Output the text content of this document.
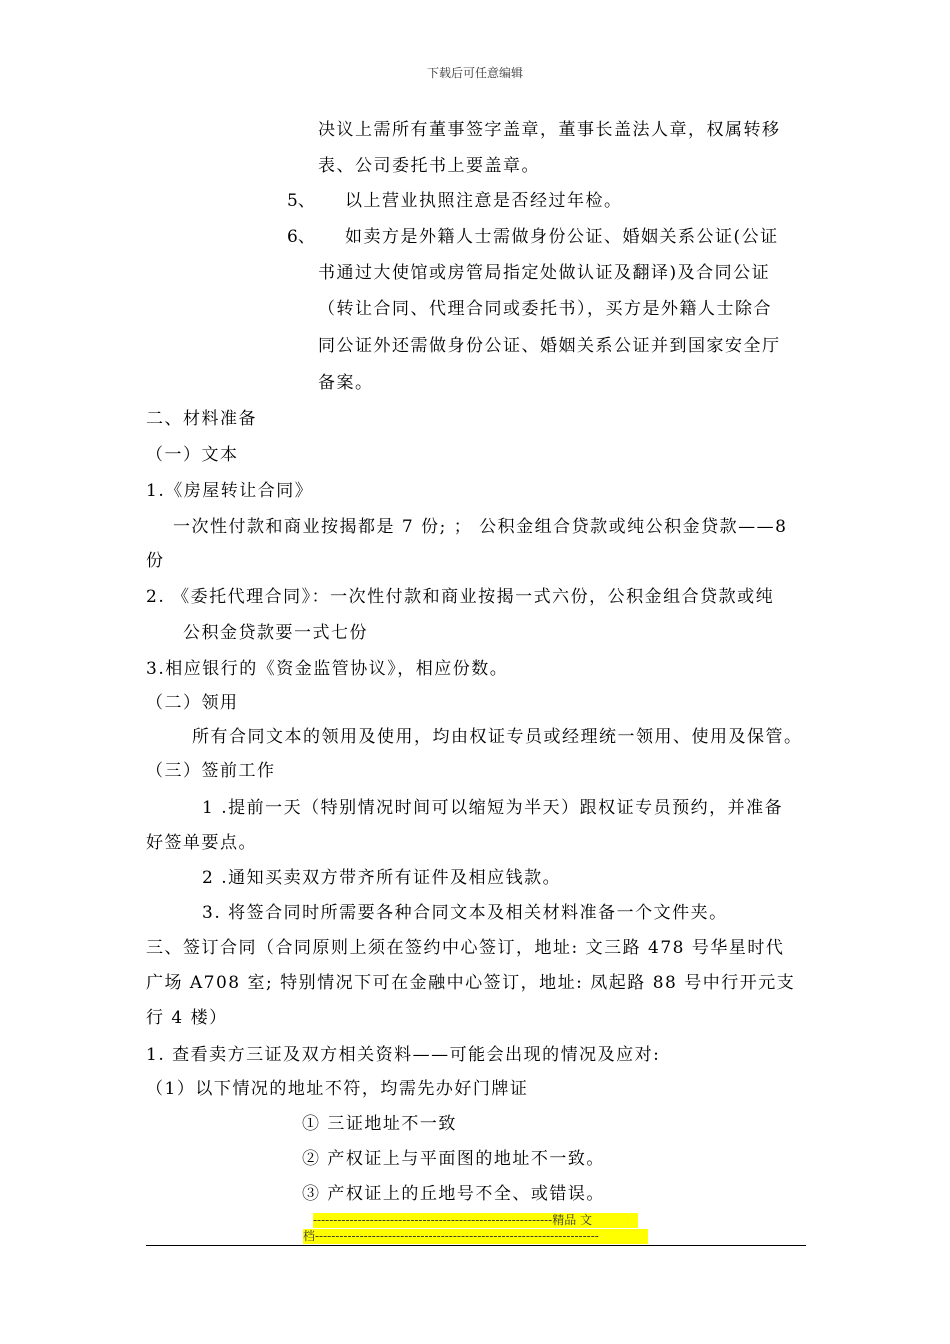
下载后可任意编辑
决议上需所有董事签字盖章，董事长盖法人章，权属转移
表、公司委托书上要盖章。
5、 以上营业执照注意是否经过年检。
6、 如卖方是外籍人士需做身份公证、婚姻关系公证(公证
书通过大使馆或房管局指定处做认证及翻译)及合同公证
（转让合同、代理合同或委托书），买方是外籍人士除合
同公证外还需做身份公证、婚姻关系公证并到国家安全厅
备案。
二、材料准备
（一）文本
1.《房屋转让合同》
一次性付款和商业按揭都是 7 份; ； 公积金组合贷款或纯公积金贷款——8
份
2. 《委托代理合同》：一次性付款和商业按揭一式六份，公积金组合贷款或纯
公积金贷款要一式七份
3.相应银行的《资金监管协议》，相应份数。
（二）领用
所有合同文本的领用及使用，均由权证专员或经理统一领用、使用及保管。
（三）签前工作
1 .提前一天（特别情况时间可以缩短为半天）跟权证专员预约，并准备
好签单要点。
2 .通知买卖双方带齐所有证件及相应钱款。
3. 将签合同时所需要各种合同文本及相关材料准备一个文件夹。
三、签订合同（合同原则上须在签约中心签订，地址: 文三路 478 号华星时代
广场 A708 室; 特别情况下可在金融中心签订，地址: 凤起路 88 号中行开元支
行 4 楼）
1. 查看卖方三证及双方相关资料——可能会出现的情况及应对:
（1）以下情况的地址不符，均需先办好门牌证
① 三证地址不一致
② 产权证上与平面图的地址不一致。
③ 产权证上的丘地号不全、或错误。
-----------------------------------------------------------精品 文
档----------------------------------------------------------------------
